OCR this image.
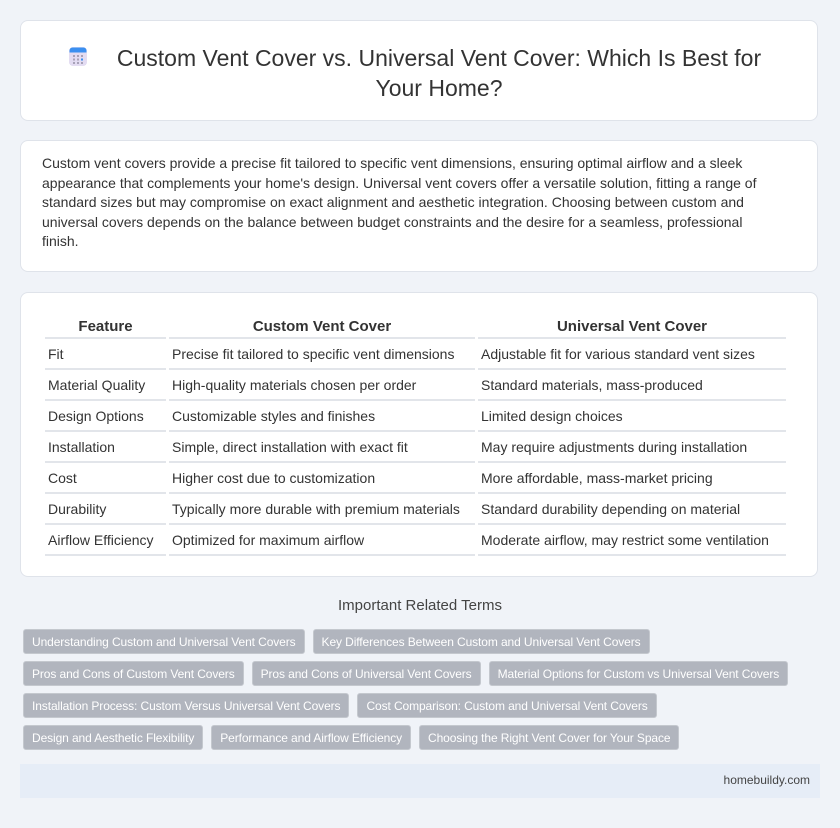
Custom Vent Cover vs. Universal Vent Cover: Which Is Best for Your Home?

Custom vent covers provide a precise fit tailored to specific vent dimensions, ensuring optimal airflow and a sleek appearance that complements your home's design. Universal vent covers offer a versatile solution, fitting a range of standard sizes but may compromise on exact alignment and aesthetic integration. Choosing between custom and universal covers depends on the balance between budget constraints and the desire for a seamless, professional finish.

Feature	Custom Vent Cover	Universal Vent Cover
Fit	Precise fit tailored to specific vent dimensions	Adjustable fit for various standard vent sizes
Material Quality	High-quality materials chosen per order	Standard materials, mass-produced
Design Options	Customizable styles and finishes	Limited design choices
Installation	Simple, direct installation with exact fit	May require adjustments during installation
Cost	Higher cost due to customization	More affordable, mass-market pricing
Durability	Typically more durable with premium materials	Standard durability depending on material
Airflow Efficiency	Optimized for maximum airflow	Moderate airflow, may restrict some ventilation
Important Related Terms
Understanding Custom and Universal Vent Covers	Key Differences Between Custom and Universal Vent Covers
Pros and Cons of Custom Vent Covers	Pros and Cons of Universal Vent Covers	Material Options for Custom vs Universal Vent Covers
Installation Process: Custom Versus Universal Vent Covers	Cost Comparison: Custom and Universal Vent Covers
Design and Aesthetic Flexibility	Performance and Airflow Efficiency	Choosing the Right Vent Cover for Your Space
homebuildy.com
